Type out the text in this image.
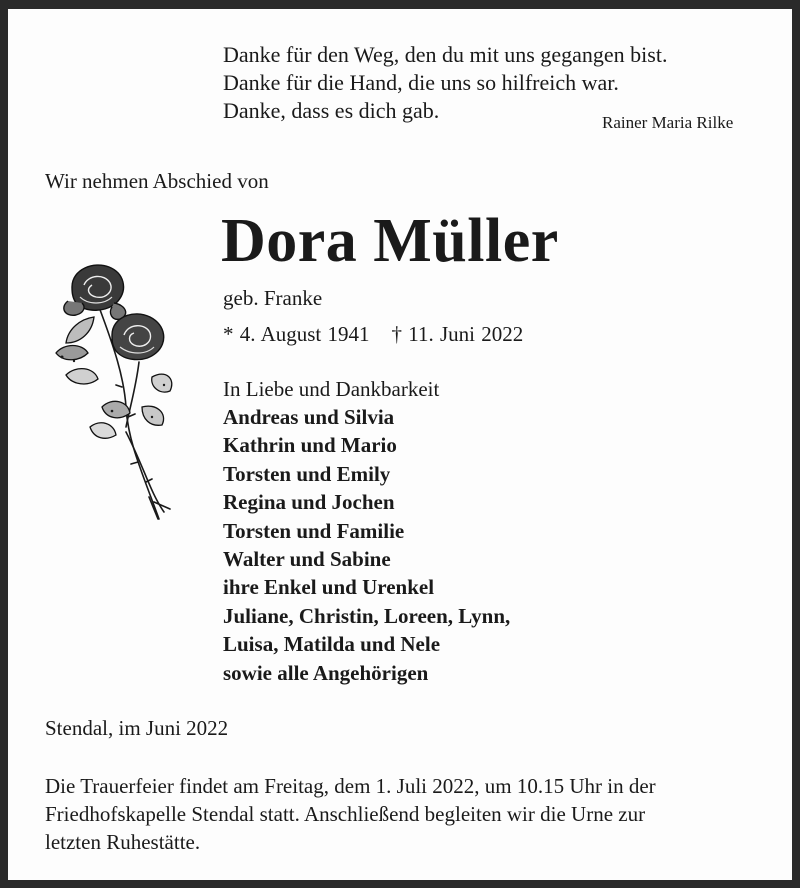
Danke für den Weg, den du mit uns gegangen bist.
Danke für die Hand, die uns so hilfreich war.
Danke, dass es dich gab.	Rainer Maria Rilke
Wir nehmen Abschied von
Dora Müller
geb. Franke
* 4. August 1941 † 11. Juni 2022
In Liebe und Dankbarkeit
Andreas und Silvia
Kathrin und Mario
Torsten und Emily
Regina und Jochen
Torsten und Familie
Walter und Sabine
ihre Enkel und Urenkel
Juliane, Christin, Loreen, Lynn,
Luisa, Matilda und Nele
sowie alle Angehörigen
Stendal, im Juni 2022
Die Trauerfeier findet am Freitag, dem 1. Juli 2022, um 10.15 Uhr in der
Friedhofskapelle Stendal statt. Anschließend begleiten wir die Urne zur
letzten Ruhestätte.
